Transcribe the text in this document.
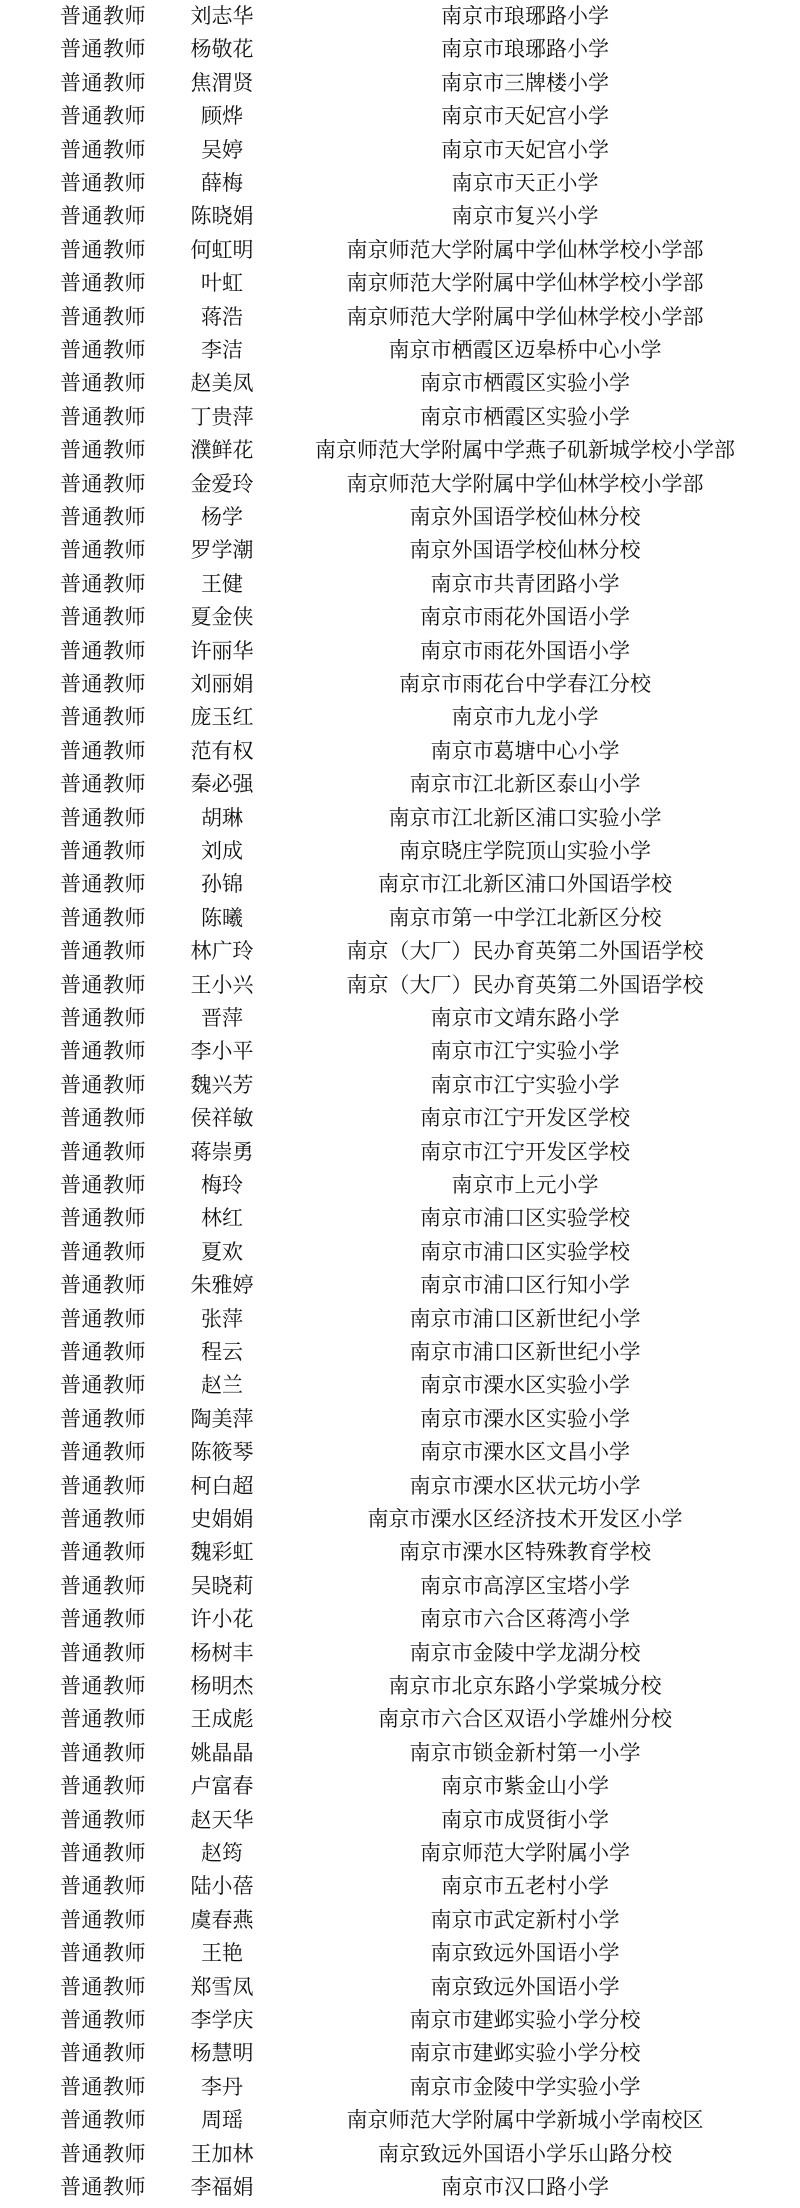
普通教师	刘志华	南京市琅琊路小学
普通教师	杨敬花	南京市琅琊路小学
普通教师	焦渭贤	南京市三牌楼小学
普通教师	顾烨	南京市天妃宫小学
普通教师	吴婷	南京市天妃宫小学
普通教师	薛梅	南京市天正小学
普通教师	陈晓娟	南京市复兴小学
普通教师	何虹明	南京师范大学附属中学仙林学校小学部
普通教师	叶虹	南京师范大学附属中学仙林学校小学部
普通教师	蒋浩	南京师范大学附属中学仙林学校小学部
普通教师	李洁	南京市栖霞区迈皋桥中心小学
普通教师	赵美凤	南京市栖霞区实验小学
普通教师	丁贵萍	南京市栖霞区实验小学
普通教师	濮鲜花	南京师范大学附属中学燕子矶新城学校小学部
普通教师	金爱玲	南京师范大学附属中学仙林学校小学部
普通教师	杨学	南京外国语学校仙林分校
普通教师	罗学潮	南京外国语学校仙林分校
普通教师	王健	南京市共青团路小学
普通教师	夏金侠	南京市雨花外国语小学
普通教师	许丽华	南京市雨花外国语小学
普通教师	刘丽娟	南京市雨花台中学春江分校
普通教师	庞玉红	南京市九龙小学
普通教师	范有权	南京市葛塘中心小学
普通教师	秦必强	南京市江北新区泰山小学
普通教师	胡琳	南京市江北新区浦口实验小学
普通教师	刘成	南京晓庄学院顶山实验小学
普通教师	孙锦	南京市江北新区浦口外国语学校
普通教师	陈曦	南京市第一中学江北新区分校
普通教师	林广玲	南京（大厂）民办育英第二外国语学校
普通教师	王小兴	南京（大厂）民办育英第二外国语学校
普通教师	晋萍	南京市文靖东路小学
普通教师	李小平	南京市江宁实验小学
普通教师	魏兴芳	南京市江宁实验小学
普通教师	侯祥敏	南京市江宁开发区学校
普通教师	蒋崇勇	南京市江宁开发区学校
普通教师	梅玲	南京市上元小学
普通教师	林红	南京市浦口区实验学校
普通教师	夏欢	南京市浦口区实验学校
普通教师	朱雅婷	南京市浦口区行知小学
普通教师	张萍	南京市浦口区新世纪小学
普通教师	程云	南京市浦口区新世纪小学
普通教师	赵兰	南京市溧水区实验小学
普通教师	陶美萍	南京市溧水区实验小学
普通教师	陈筱琴	南京市溧水区文昌小学
普通教师	柯白超	南京市溧水区状元坊小学
普通教师	史娟娟	南京市溧水区经济技术开发区小学
普通教师	魏彩虹	南京市溧水区特殊教育学校
普通教师	吴晓莉	南京市高淳区宝塔小学
普通教师	许小花	南京市六合区蒋湾小学
普通教师	杨树丰	南京市金陵中学龙湖分校
普通教师	杨明杰	南京市北京东路小学棠城分校
普通教师	王成彪	南京市六合区双语小学雄州分校
普通教师	姚晶晶	南京市锁金新村第一小学
普通教师	卢富春	南京市紫金山小学
普通教师	赵天华	南京市成贤街小学
普通教师	赵筠	南京师范大学附属小学
普通教师	陆小蓓	南京市五老村小学
普通教师	虞春燕	南京市武定新村小学
普通教师	王艳	南京致远外国语小学
普通教师	郑雪凤	南京致远外国语小学
普通教师	李学庆	南京市建邺实验小学分校
普通教师	杨慧明	南京市建邺实验小学分校
普通教师	李丹	南京市金陵中学实验小学
普通教师	周瑶	南京师范大学附属中学新城小学南校区
普通教师	王加林	南京致远外国语小学乐山路分校
普通教师	李福娟	南京市汉口路小学
